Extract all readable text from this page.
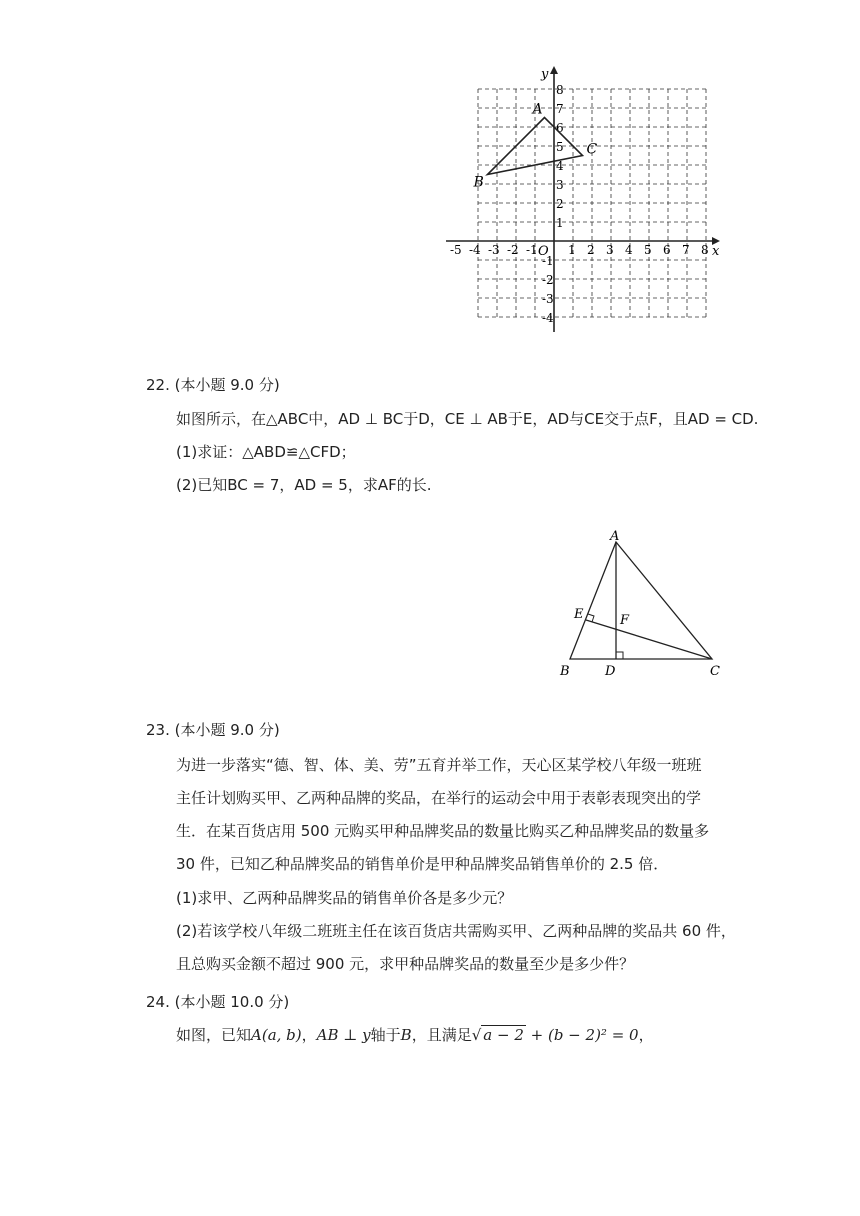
x
y
O
-5 -4 -3 -2 -1	1 2 3 4 5 6 7 8
8
7
6
5
4
3
2
1
-1
-2
-3
-4
A
B
C
22. (本小题 9.0 分)
如图所示，在△ABC中，AD ⊥ BC于D，CE ⊥ AB于E，AD与CE交于点F，且AD = CD.
(1)求证：△ABD≌△CFD；
(2)已知BC = 7，AD = 5，求AF的长.
A
B	C
D
E	F
23. (本小题 9.0 分)
为进一步落实“德、智、体、美、劳”五育并举工作，天心区某学校八年级一班班
主任计划购买甲、乙两种品牌的奖品，在举行的运动会中用于表彰表现突出的学
生．在某百货店用 500 元购买甲种品牌奖品的数量比购买乙种品牌奖品的数量多
30 件，已知乙种品牌奖品的销售单价是甲种品牌奖品销售单价的 2.5 倍．
(1)求甲、乙两种品牌奖品的销售单价各是多少元？
(2)若该学校八年级二班班主任在该百货店共需购买甲、乙两种品牌的奖品共 60 件，
且总购买金额不超过 900 元，求甲种品牌奖品的数量至少是多少件？
24. (本小题 10.0 分)
如图，已知A(a, b)，AB ⊥ y轴于B，且满足√ a − 2 + (b − 2)² = 0，
